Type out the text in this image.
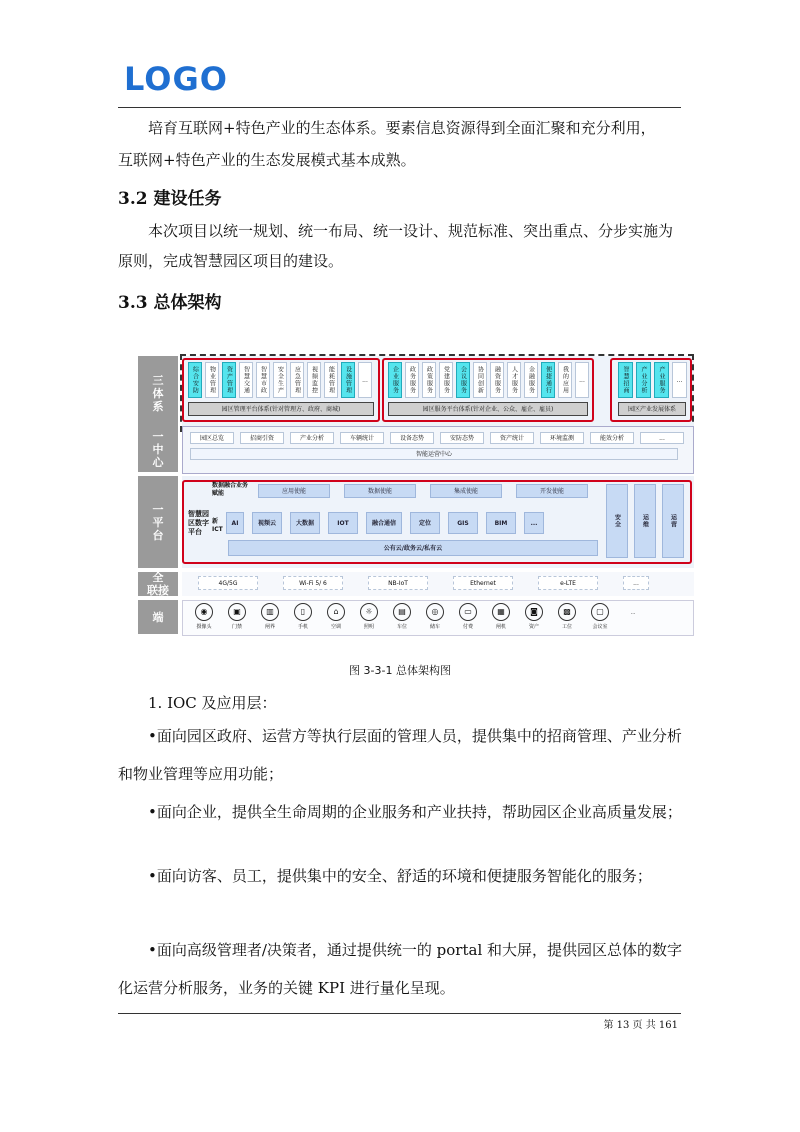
LOGO
培育互联网+特色产业的生态体系。要素信息资源得到全面汇聚和充分利用，
互联网+特色产业的生态发展模式基本成熟。
3.2 建设任务
本次项目以统一规划、统一布局、统一设计、规范标准、突出重点、分步实施为原则，完成智慧园区项目的建设。
3.3 总体架构
三
体
系
综合安防	物业管理	资产管理	智慧交通	智慧市政	安全生产	应急管理	视频监控	能耗管理	设施管理	...
园区管理平台体系(针对管理方、政府、商城)
企业服务	政务服务	政策服务	党建服务	会议服务	协同创新	融资服务	人才服务	金融服务	便捷通行	我的应用	...
园区服务平台体系(针对企业、公众、雇企、雇员)
智慧招商	产业分析	产业服务	...
园区产业发展体系
一
中
心
园区总览	招商引资	产业分析	车辆统计	设备态势	安防态势	资产统计	环境监测	能效分析	...
智能运营中心
一
平
台
数据融合业务赋能	应用使能	数据使能	集成使能	开发使能
智慧园区数字平台
新ICT
AI	视频云	大数据	IOT	融合通信	定位	GIS	BIM	...
公有云/政务云/私有云
安全	运维	运营
全
联接
4G/5G	Wi-Fi 5/ 6	NB-IoT	Ethernet	e-LTE	...
端	◉
摄像头
▣
门禁
▥
闸界
▯
手机
⌂
空调
☼
照明
▤
车位
◎
储车
▭
付费
▦
闸机
◙
资产
▩
工位
▢
会议室
...
图 3-3-1 总体架构图
1. IOC 及应用层：
•面向园区政府、运营方等执行层面的管理人员，提供集中的招商管理、产业分析和物业管理等应用功能；
•面向企业，提供全生命周期的企业服务和产业扶持，帮助园区企业高质量发展；
•面向访客、员工，提供集中的安全、舒适的环境和便捷服务智能化的服务；
•面向高级管理者/决策者，通过提供统一的 portal 和大屏，提供园区总体的数字化运营分析服务，业务的关键 KPI 进行量化呈现。
第 13 页 共 161
